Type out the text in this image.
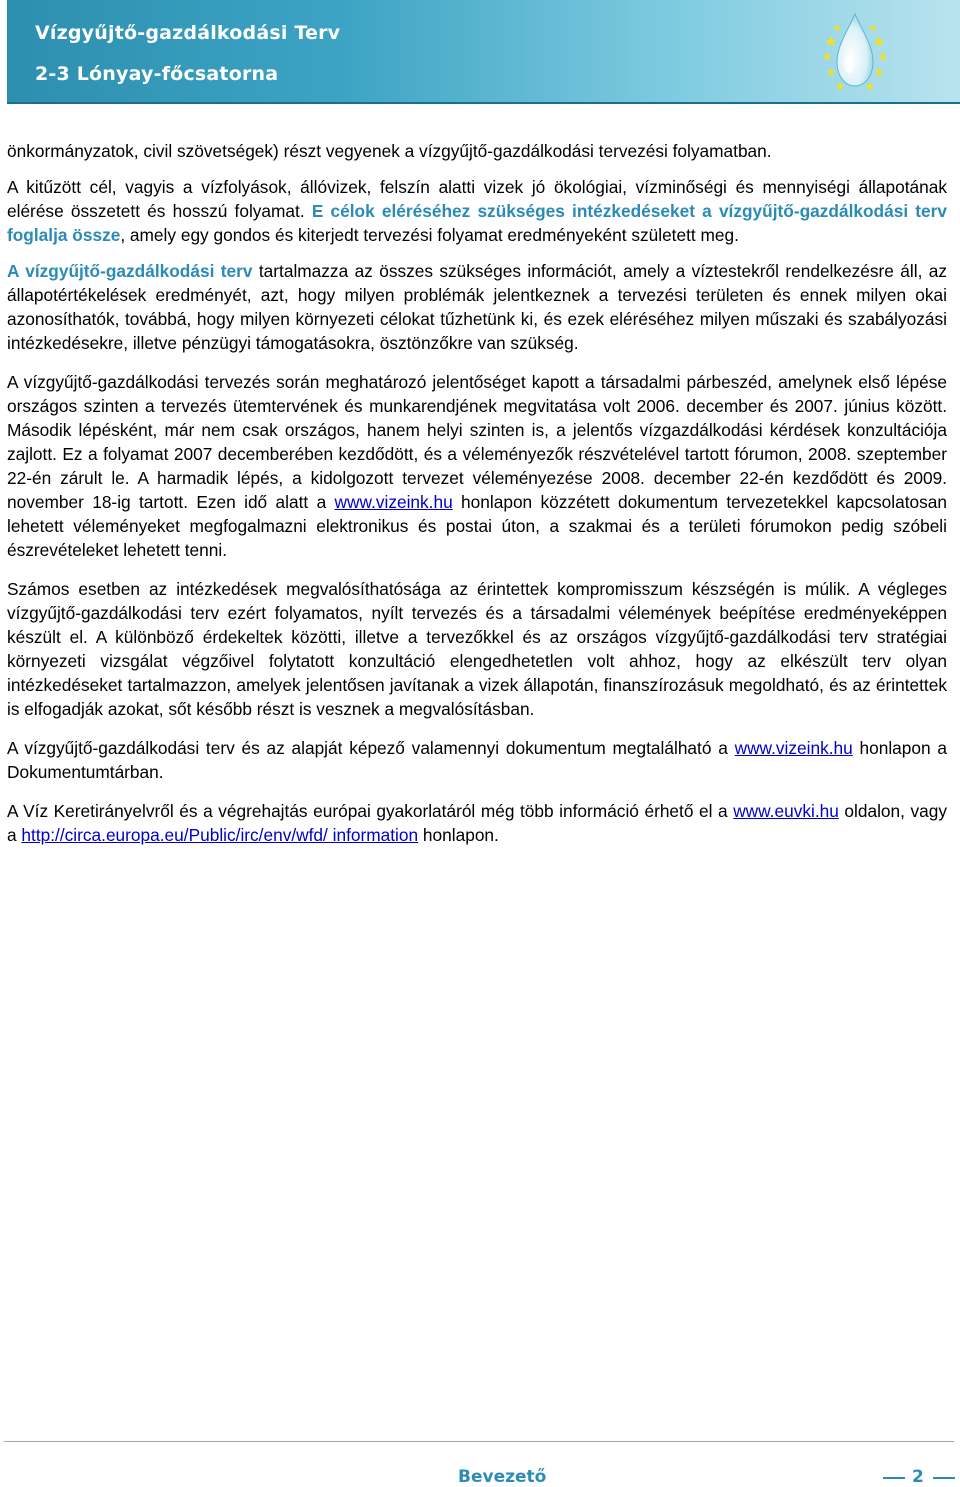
Vízgyűjtő-gazdálkodási Terv
2-3 Lónyay-főcsatorna

önkormányzatok, civil szövetségek) részt vegyenek a vízgyűjtő-gazdálkodási tervezési folyamatban.

A kitűzött cél, vagyis a vízfolyások, állóvizek, felszín alatti vizek jó ökológiai, vízminőségi és mennyiségi állapotának elérése összetett és hosszú folyamat. E célok eléréséhez szükséges intézkedéseket a vízgyűjtő-gazdálkodási terv foglalja össze, amely egy gondos és kiterjedt tervezési folyamat eredményeként született meg.

A vízgyűjtő-gazdálkodási terv tartalmazza az összes szükséges információt, amely a víztestekről rendelkezésre áll, az állapotértékelések eredményét, azt, hogy milyen problémák jelentkeznek a tervezési területen és ennek milyen okai azonosíthatók, továbbá, hogy milyen környezeti célokat tűzhetünk ki, és ezek eléréséhez milyen műszaki és szabályozási intézkedésekre, illetve pénzügyi támogatásokra, ösztönzőkre van szükség.

A vízgyűjtő-gazdálkodási tervezés során meghatározó jelentőséget kapott a társadalmi párbeszéd, amelynek első lépése országos szinten a tervezés ütemtervének és munkarendjének megvitatása volt 2006. december és 2007. június között. Második lépésként, már nem csak országos, hanem helyi szinten is, a jelentős vízgazdálkodási kérdések konzultációja zajlott. Ez a folyamat 2007 decemberében kezdődött, és a véleményezők részvételével tartott fórumon, 2008. szeptember 22-én zárult le. A harmadik lépés, a kidolgozott tervezet véleményezése 2008. december 22-én kezdődött és 2009. november 18-ig tartott. Ezen idő alatt a www.vizeink.hu honlapon közzétett dokumentum tervezetekkel kapcsolatosan lehetett véleményeket megfogalmazni elektronikus és postai úton, a szakmai és a területi fórumokon pedig szóbeli észrevételeket lehetett tenni.

Számos esetben az intézkedések megvalósíthatósága az érintettek kompromisszum készségén is múlik. A végleges vízgyűjtő-gazdálkodási terv ezért folyamatos, nyílt tervezés és a társadalmi vélemények beépítése eredményeképpen készült el. A különböző érdekeltek közötti, illetve a tervezőkkel és az országos vízgyűjtő-gazdálkodási terv stratégiai környezeti vizsgálat végzőivel folytatott konzultáció elengedhetetlen volt ahhoz, hogy az elkészült terv olyan intézkedéseket tartalmazzon, amelyek jelentősen javítanak a vizek állapotán, finanszírozásuk megoldható, és az érintettek is elfogadják azokat, sőt később részt is vesznek a megvalósításban.

A vízgyűjtő-gazdálkodási terv és az alapját képező valamennyi dokumentum megtalálható a www.vizeink.hu honlapon a Dokumentumtárban.

A Víz Keretirányelvről és a végrehajtás európai gyakorlatáról még több információ érhető el a www.euvki.hu oldalon, vagy a http://circa.europa.eu/Public/irc/env/wfd/ information honlapon.

Bevezető	2
